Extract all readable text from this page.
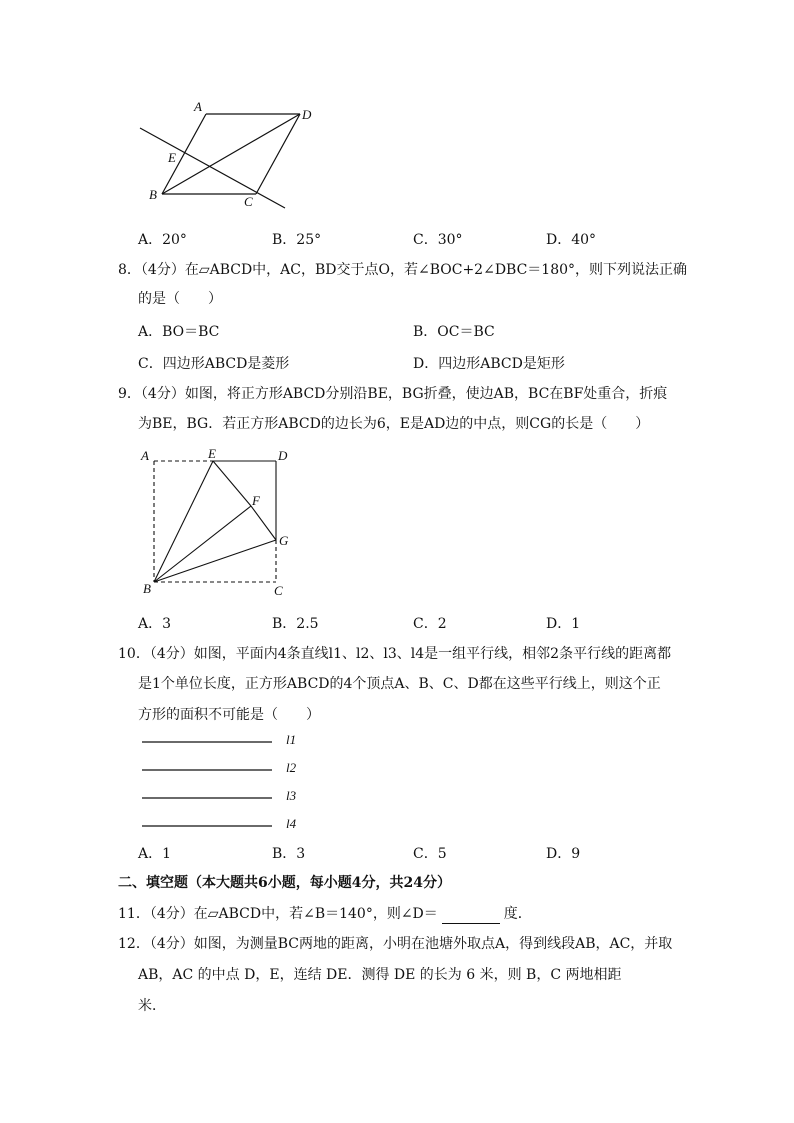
A
D
E
B	C
A．20°	B．25°	C．30°	D．40°
8．（4分）在▱ABCD中，AC，BD交于点O，若∠BOC+2∠DBC＝180°，则下列说法正确
的是（　　）
A．BO＝BC	B．OC＝BC
C．四边形ABCD是菱形	D．四边形ABCD是矩形
9．（4分）如图，将正方形ABCD分别沿BE，BG折叠，使边AB，BC在BF处重合，折痕
为BE，BG．若正方形ABCD的边长为6，E是AD边的中点，则CG的长是（　　）
A	E	D
F
G
B	C
A．3	B．2.5	C．2	D．1
10．（4分）如图，平面内4条直线l1、l2、l3、l4是一组平行线，相邻2条平行线的距离都
是1个单位长度，正方形ABCD的4个顶点A、B、C、D都在这些平行线上，则这个正
方形的面积不可能是（　　）
l1
l2
l3
l4
A．1	B．3	C．5	D．9
二、填空题（本大题共6小题，每小题4分，共24分）
11．（4分）在▱ABCD中，若∠B＝140°，则∠D＝	度．
12．（4分）如图，为测量BC两地的距离，小明在池塘外取点A，得到线段AB，AC，并取
AB，AC 的中点 D，E，连结 DE．测得 DE 的长为 6 米，则 B，C 两地相距
米．
